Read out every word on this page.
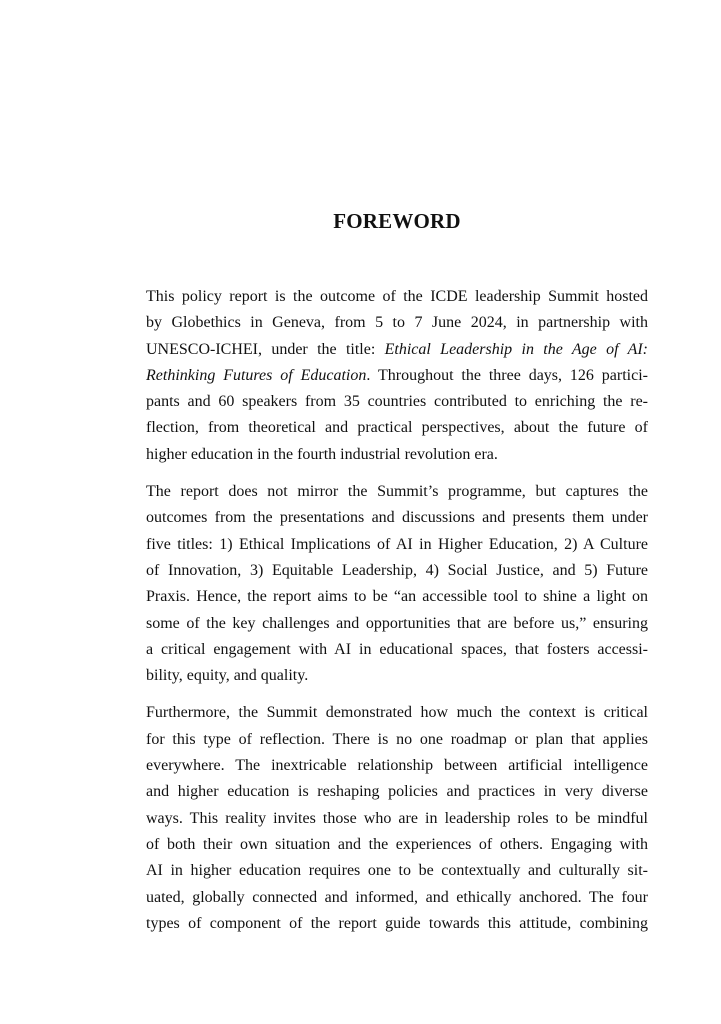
FOREWORD
This policy report is the outcome of the ICDE leadership Summit hosted
by Globethics in Geneva, from 5 to 7 June 2024, in partnership with
UNESCO-ICHEI, under the title: Ethical Leadership in the Age of AI:
Rethinking Futures of Education. Throughout the three days, 126 partici-
pants and 60 speakers from 35 countries contributed to enriching the re-
flection, from theoretical and practical perspectives, about the future of
higher education in the fourth industrial revolution era.
The report does not mirror the Summit’s programme, but captures the
outcomes from the presentations and discussions and presents them under
five titles: 1) Ethical Implications of AI in Higher Education, 2) A Culture
of Innovation, 3) Equitable Leadership, 4) Social Justice, and 5) Future
Praxis. Hence, the report aims to be “an accessible tool to shine a light on
some of the key challenges and opportunities that are before us,” ensuring
a critical engagement with AI in educational spaces, that fosters accessi-
bility, equity, and quality.
Furthermore, the Summit demonstrated how much the context is critical
for this type of reflection. There is no one roadmap or plan that applies
everywhere. The inextricable relationship between artificial intelligence
and higher education is reshaping policies and practices in very diverse
ways. This reality invites those who are in leadership roles to be mindful
of both their own situation and the experiences of others. Engaging with
AI in higher education requires one to be contextually and culturally sit-
uated, globally connected and informed, and ethically anchored. The four
types of component of the report guide towards this attitude, combining
